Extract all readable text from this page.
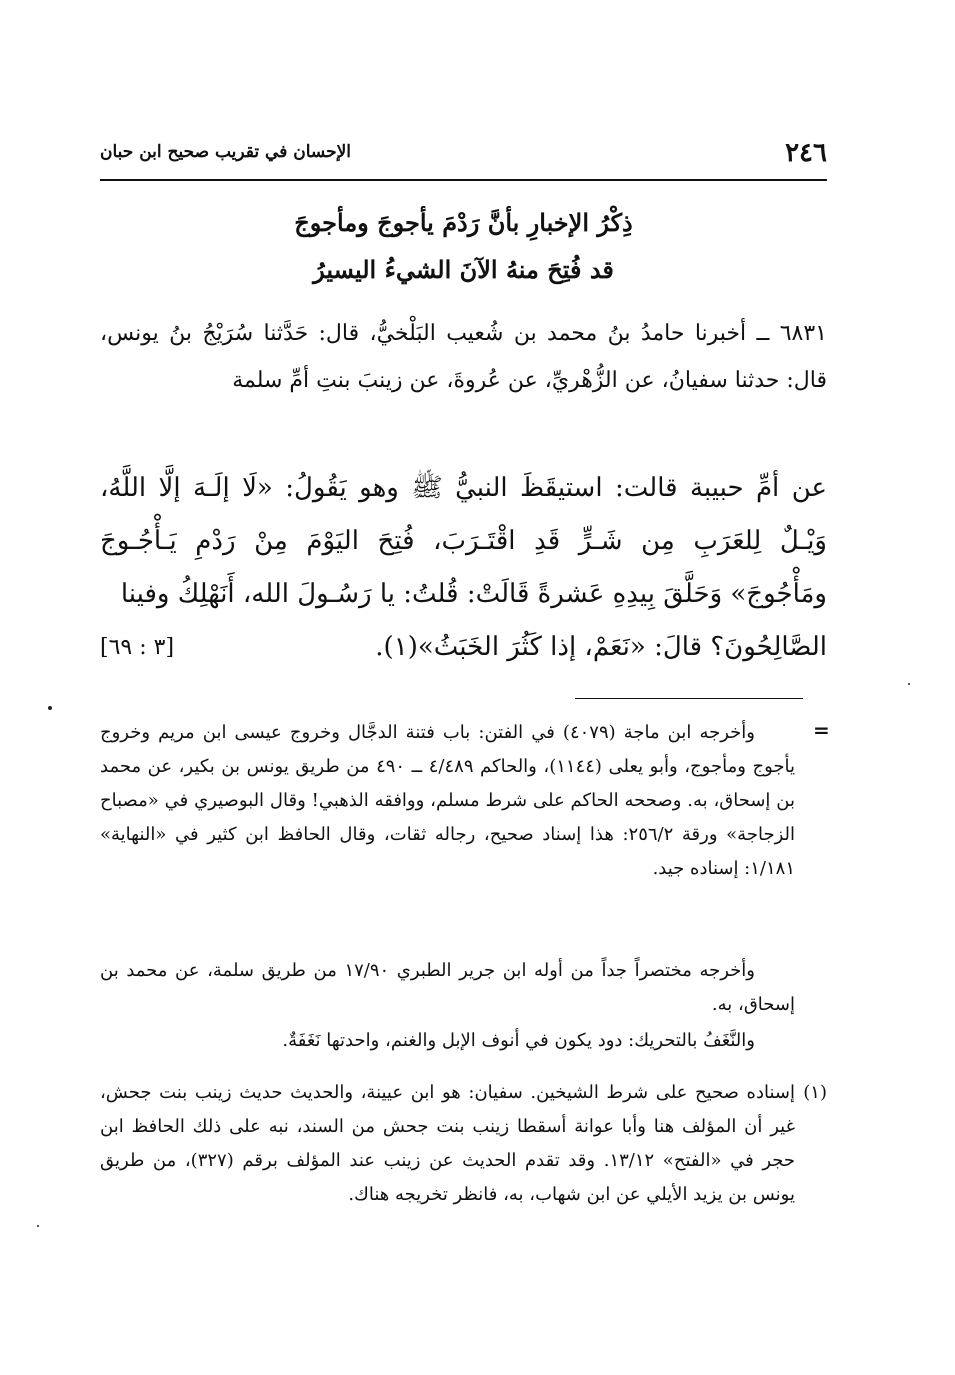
٢٤٦
الإحسان في تقريب صحيح ابن حبان
ذِكْرُ الإخبارِ بأنَّ رَدْمَ يأجوجَ ومأجوجَ
قد فُتِحَ منهُ الآنَ الشيءُ اليسيرُ
٦٨٣١ ــ أخبرنا حامدُ بنُ محمد بن شُعيب البَلْخيُّ، قال: حَدَّثنا سُرَيْجُ بنُ يونس، قال: حدثنا سفيانُ، عن الزُّهْريِّ، عن عُروةَ، عن زينبَ بنتِ أمِّ سلمة
عن أمِّ حبيبة قالت: استيقَظَ النبيُّ ﷺ وهو يَقُولُ: «لَا إلَـهَ إلَّا اللَّهُ، وَيْـلٌ لِلعَرَبِ مِن شَـرٍّ قَدِ اقْتَـرَبَ، فُتِحَ اليَوْمَ مِنْ رَدْمِ يَـأْجُـوجَ ومَأْجُوجَ» وَحَلَّقَ بِيدِهِ عَشرةً قَالَتْ: قُلتُ: يا رَسُـولَ الله، أَنَهْلِكُ وفينا
الصَّالِحُونَ؟ قالَ: «نَعَمْ، إذا كَثُرَ الخَبَثُ»(١).
[٣ : ٦٩]
=
وأخرجه ابن ماجة (٤٠٧٩) في الفتن: باب فتنة الدجَّال وخروج عيسى ابن مريم وخروج يأجوج ومأجوج، وأبو يعلى (١١٤٤)، والحاكم ٤/٤٨٩ ــ ٤٩٠ من طريق يونس بن بكير، عن محمد بن إسحاق، به. وصححه الحاكم على شرط مسلم، ووافقه الذهبي! وقال البوصيري في «مصباح الزجاجة» ورقة ٢٥٦/٢: هذا إسناد صحيح، رجاله ثقات، وقال الحافظ ابن كثير في «النهاية» ١/١٨١: إسناده جيد.
وأخرجه مختصراً جداً من أوله ابن جرير الطبري ١٧/٩٠ من طريق سلمة، عن محمد بن إسحاق، به.
والنَّغَفُ بالتحريك: دود يكون في أنوف الإبل والغنم، واحدتها نَغَفَةٌ.
(١)
إسناده صحيح على شرط الشيخين. سفيان: هو ابن عيينة، والحديث حديث زينب بنت جحش، غير أن المؤلف هنا وأبا عوانة أسقطا زينب بنت جحش من السند، نبه على ذلك الحافظ ابن حجر في «الفتح» ١٣/١٢. وقد تقدم الحديث عن زينب عند المؤلف برقم (٣٢٧)، من طريق يونس بن يزيد الأيلي عن ابن شهاب، به، فانظر تخريجه هناك.
